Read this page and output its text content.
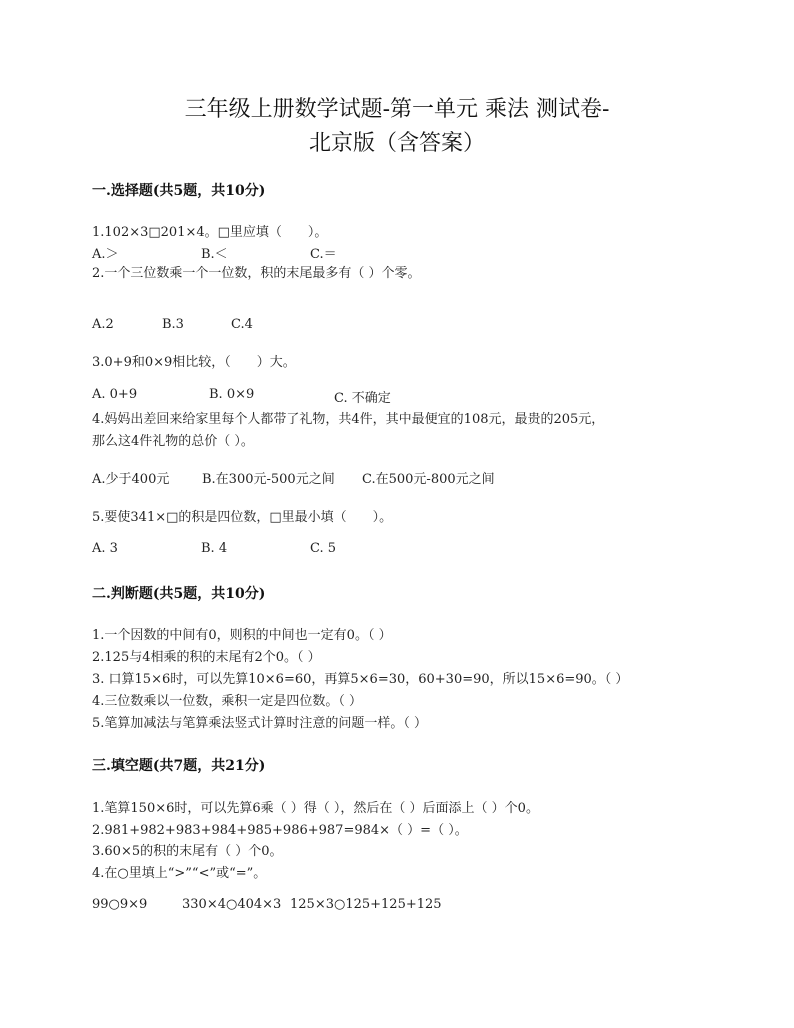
三年级上册数学试题-第一单元 乘法 测试卷-
北京版（含答案）

一.选择题(共5题，共10分)

1.102×3□201×4。□里应填（　　）。

A.＞	B.＜	C.＝

2.一个三位数乘一个一位数，积的末尾最多有（ ）个零。

A.2	B.3	C.4

3.0+9和0×9相比较，（　　）大。

A. 0+9	B. 0×9	C. 不确定

4.妈妈出差回来给家里每个人都带了礼物，共4件，其中最便宜的108元，最贵的205元，

那么这4件礼物的总价（ ）。

A.少于400元	B.在300元-500元之间 C.在500元-800元之间

5.要使341×□的积是四位数，□里最小填（　　）。

A. 3	B. 4	C. 5

二.判断题(共5题，共10分)

1.一个因数的中间有0，则积的中间也一定有0。（ ）

2.125与4相乘的积的末尾有2个0。（ ）

3. 口算15×6时，可以先算10×6=60，再算5×6=30，60+30=90，所以15×6=90。（ ）

4.三位数乘以一位数，乘积一定是四位数。（ ）

5.笔算加减法与笔算乘法竖式计算时注意的问题一样。（ ）

三.填空题(共7题，共21分)

1.笔算150×6时，可以先算6乘（ ）得（ ），然后在（ ）后面添上（ ）个0。

2.981+982+983+984+985+986+987=984×（ ）=（ ）。

3.60×5的积的末尾有（ ）个0。

4.在○里填上“>”“<”或“=”。

99○9×9	330×4○404×3 125×3○125+125+125
